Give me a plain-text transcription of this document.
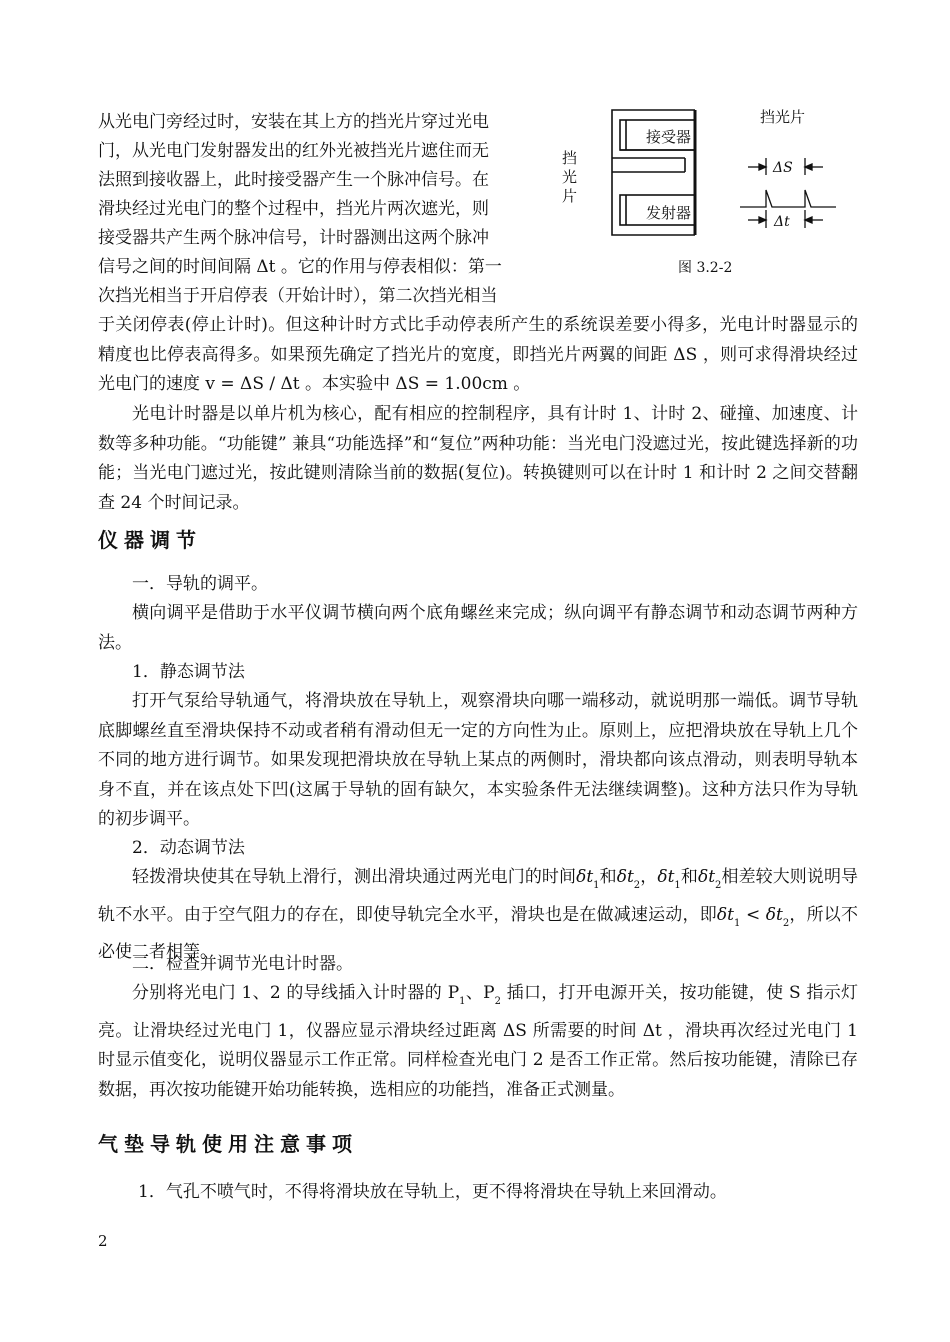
从光电门旁经过时，安装在其上方的挡光片穿过光电
门，从光电门发射器发出的红外光被挡光片遮住而无
法照到接收器上，此时接受器产生一个脉冲信号。在
滑块经过光电门的整个过程中，挡光片两次遮光，则
接受器共产生两个脉冲信号，计时器测出这两个脉冲
信号之间的时间间隔 Δt 。它的作用与停表相似：第一
次挡光相当于开启停表（开始计时），第二次挡光相当
接受器
发射器
挡
光
片
挡光片
ΔS
Δt
图 3.2-2
于关闭停表(停止计时)。但这种计时方式比手动停表所产生的系统误差要小得多，光电计时器显示的精度也比停表高得多。如果预先确定了挡光片的宽度，即挡光片两翼的间距 ΔS ，则可求得滑块经过光电门的速度 v = ΔS / Δt 。本实验中 ΔS = 1.00cm 。
光电计时器是以单片机为核心，配有相应的控制程序，具有计时 1、计时 2、碰撞、加速度、计数等多种功能。“功能键” 兼具“功能选择”和“复位”两种功能：当光电门没遮过光，按此键选择新的功能；当光电门遮过光，按此键则清除当前的数据(复位)。转换键则可以在计时 1 和计时 2 之间交替翻查 24 个时间记录。
仪器调节
一．导轨的调平。
横向调平是借助于水平仪调节横向两个底角螺丝来完成；纵向调平有静态调节和动态调节两种方法。
1．静态调节法
打开气泵给导轨通气，将滑块放在导轨上，观察滑块向哪一端移动，就说明那一端低。调节导轨底脚螺丝直至滑块保持不动或者稍有滑动但无一定的方向性为止。原则上，应把滑块放在导轨上几个不同的地方进行调节。如果发现把滑块放在导轨上某点的两侧时，滑块都向该点滑动，则表明导轨本身不直，并在该点处下凹(这属于导轨的固有缺欠，本实验条件无法继续调整)。这种方法只作为导轨的初步调平。
2．动态调节法
轻拨滑块使其在导轨上滑行，测出滑块通过两光电门的时间$\delta t_1$和$\delta t_2$，$\delta t_1$和$\delta t_2$相差较大则说明导轨不水平。由于空气阻力的存在，即使导轨完全水平，滑块也是在做减速运动，即$\delta t_1 < \delta t_2$，所以不必使二者相等。
二．检查并调节光电计时器。
分别将光电门 1、2 的导线插入计时器的 $P_1$、$P_2$ 插口，打开电源开关，按功能键，使 S 指示灯亮。让滑块经过光电门 1，仪器应显示滑块经过距离 ΔS 所需要的时间 Δt ，滑块再次经过光电门 1 时显示值变化，说明仪器显示工作正常。同样检查光电门 2 是否工作正常。然后按功能键，清除已存数据，再次按功能键开始功能转换，选相应的功能挡，准备正式测量。
气垫导轨使用注意事项
1．气孔不喷气时，不得将滑块放在导轨上，更不得将滑块在导轨上来回滑动。
2
